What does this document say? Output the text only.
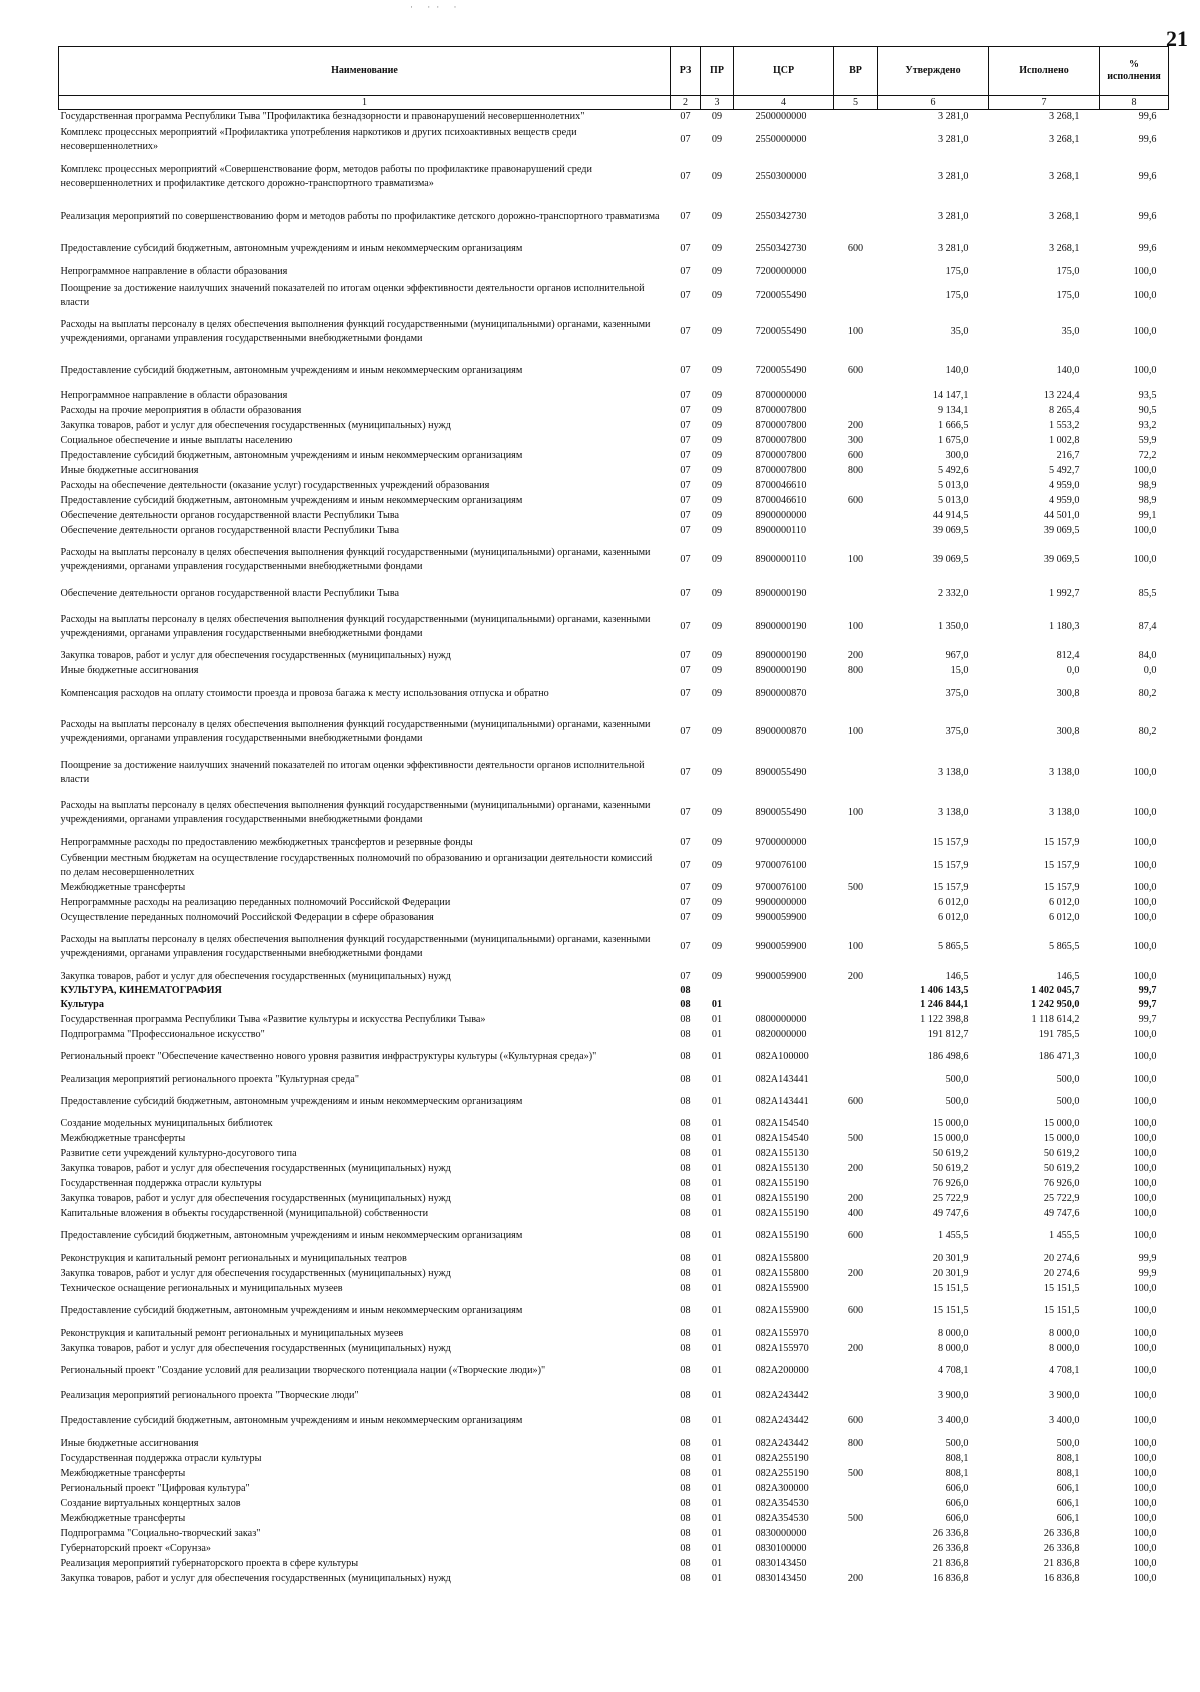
· ·· ·
21
Наименование	РЗ	ПР	ЦСР	ВР	Утверждено	Исполнено	%
исполнения
1	2	3	4	5	6	7	8
Государственная программа Республики Тыва "Профилактика безнадзорности и правонарушений несовершеннолетних"	07	09	2500000000		3 281,0	3 268,1	99,6
Комплекс процессных мероприятий «Профилактика употребления наркотиков и других психоактивных веществ среди несовершеннолетних»	07	09	2550000000		3 281,0	3 268,1	99,6
Комплекс процессных мероприятий «Совершенствование форм, методов работы по профилактике правонарушений среди несовершеннолетних и профилактике детского дорожно-транспортного травматизма»	07	09	2550300000		3 281,0	3 268,1	99,6
Реализация мероприятий по совершенствованию форм и методов работы по профилактике детского дорожно-транспортного травматизма	07	09	2550342730		3 281,0	3 268,1	99,6
Предоставление субсидий бюджетным, автономным учреждениям и иным некоммерческим организациям	07	09	2550342730	600	3 281,0	3 268,1	99,6
Непрограммное направление в области образования	07	09	7200000000		175,0	175,0	100,0
Поощрение за достижение наилучших значений показателей по итогам оценки эффективности деятельности органов исполнительной власти	07	09	7200055490		175,0	175,0	100,0
Расходы на выплаты персоналу в целях обеспечения выполнения функций государственными (муниципальными) органами, казенными учреждениями, органами управления государственными внебюджетными фондами	07	09	7200055490	100	35,0	35,0	100,0
Предоставление субсидий бюджетным, автономным учреждениям и иным некоммерческим организациям	07	09	7200055490	600	140,0	140,0	100,0
Непрограммное направление в области образования	07	09	8700000000		14 147,1	13 224,4	93,5
Расходы на прочие мероприятия в области образования	07	09	8700007800		9 134,1	8 265,4	90,5
Закупка товаров, работ и услуг для обеспечения государственных (муниципальных) нужд	07	09	8700007800	200	1 666,5	1 553,2	93,2
Социальное обеспечение и иные выплаты населению	07	09	8700007800	300	1 675,0	1 002,8	59,9
Предоставление субсидий бюджетным, автономным учреждениям и иным некоммерческим организациям	07	09	8700007800	600	300,0	216,7	72,2
Иные бюджетные ассигнования	07	09	8700007800	800	5 492,6	5 492,7	100,0
Расходы на обеспечение деятельности (оказание услуг) государственных учреждений образования	07	09	8700046610		5 013,0	4 959,0	98,9
Предоставление субсидий бюджетным, автономным учреждениям и иным некоммерческим организациям	07	09	8700046610	600	5 013,0	4 959,0	98,9
Обеспечение деятельности органов государственной власти Республики Тыва	07	09	8900000000		44 914,5	44 501,0	99,1
Обеспечение деятельности органов государственной власти Республики Тыва	07	09	8900000110		39 069,5	39 069,5	100,0
Расходы на выплаты персоналу в целях обеспечения выполнения функций государственными (муниципальными) органами, казенными учреждениями, органами управления государственными внебюджетными фондами	07	09	8900000110	100	39 069,5	39 069,5	100,0
Обеспечение деятельности органов государственной власти Республики Тыва	07	09	8900000190		2 332,0	1 992,7	85,5
Расходы на выплаты персоналу в целях обеспечения выполнения функций государственными (муниципальными) органами, казенными учреждениями, органами управления государственными внебюджетными фондами	07	09	8900000190	100	1 350,0	1 180,3	87,4
Закупка товаров, работ и услуг для обеспечения государственных (муниципальных) нужд	07	09	8900000190	200	967,0	812,4	84,0
Иные бюджетные ассигнования	07	09	8900000190	800	15,0	0,0	0,0
Компенсация расходов на оплату стоимости проезда и провоза багажа к месту использования отпуска и обратно	07	09	8900000870		375,0	300,8	80,2
Расходы на выплаты персоналу в целях обеспечения выполнения функций государственными (муниципальными) органами, казенными учреждениями, органами управления государственными внебюджетными фондами	07	09	8900000870	100	375,0	300,8	80,2
Поощрение за достижение наилучших значений показателей по итогам оценки эффективности деятельности органов исполнительной власти	07	09	8900055490		3 138,0	3 138,0	100,0
Расходы на выплаты персоналу в целях обеспечения выполнения функций государственными (муниципальными) органами, казенными учреждениями, органами управления государственными внебюджетными фондами	07	09	8900055490	100	3 138,0	3 138,0	100,0
Непрограммные расходы по предоставлению межбюджетных трансфертов и резервные фонды	07	09	9700000000		15 157,9	15 157,9	100,0
Субвенции местным бюджетам на осуществление государственных полномочий по образованию и организации деятельности комиссий по делам несовершеннолетних	07	09	9700076100		15 157,9	15 157,9	100,0
Межбюджетные трансферты	07	09	9700076100	500	15 157,9	15 157,9	100,0
Непрограммные расходы на реализацию переданных полномочий Российской Федерации	07	09	9900000000		6 012,0	6 012,0	100,0
Осуществление переданных полномочий Российской Федерации в сфере образования	07	09	9900059900		6 012,0	6 012,0	100,0
Расходы на выплаты персоналу в целях обеспечения выполнения функций государственными (муниципальными) органами, казенными учреждениями, органами управления государственными внебюджетными фондами	07	09	9900059900	100	5 865,5	5 865,5	100,0
Закупка товаров, работ и услуг для обеспечения государственных (муниципальных) нужд	07	09	9900059900	200	146,5	146,5	100,0
КУЛЬТУРА, КИНЕМАТОГРАФИЯ	08				1 406 143,5	1 402 045,7	99,7
Культура	08	01			1 246 844,1	1 242 950,0	99,7
Государственная программа Республики Тыва «Развитие культуры и искусства Республики Тыва»	08	01	0800000000		1 122 398,8	1 118 614,2	99,7
Подпрограмма "Профессиональное искусство"	08	01	0820000000		191 812,7	191 785,5	100,0
Региональный проект "Обеспечение качественно нового уровня развития инфраструктуры культуры («Культурная среда»)"	08	01	082A100000		186 498,6	186 471,3	100,0
Реализация мероприятий регионального проекта "Культурная среда"	08	01	082A143441		500,0	500,0	100,0
Предоставление субсидий бюджетным, автономным учреждениям и иным некоммерческим организациям	08	01	082A143441	600	500,0	500,0	100,0
Создание модельных муниципальных библиотек	08	01	082A154540		15 000,0	15 000,0	100,0
Межбюджетные трансферты	08	01	082A154540	500	15 000,0	15 000,0	100,0
Развитие сети учреждений культурно-досугового типа	08	01	082A155130		50 619,2	50 619,2	100,0
Закупка товаров, работ и услуг для обеспечения государственных (муниципальных) нужд	08	01	082A155130	200	50 619,2	50 619,2	100,0
Государственная поддержка отрасли культуры	08	01	082A155190		76 926,0	76 926,0	100,0
Закупка товаров, работ и услуг для обеспечения государственных (муниципальных) нужд	08	01	082A155190	200	25 722,9	25 722,9	100,0
Капитальные вложения в объекты государственной (муниципальной) собственности	08	01	082A155190	400	49 747,6	49 747,6	100,0
Предоставление субсидий бюджетным, автономным учреждениям и иным некоммерческим организациям	08	01	082A155190	600	1 455,5	1 455,5	100,0
Реконструкция и капитальный ремонт региональных и муниципальных театров	08	01	082A155800		20 301,9	20 274,6	99,9
Закупка товаров, работ и услуг для обеспечения государственных (муниципальных) нужд	08	01	082A155800	200	20 301,9	20 274,6	99,9
Техническое оснащение региональных и муниципальных музеев	08	01	082A155900		15 151,5	15 151,5	100,0
Предоставление субсидий бюджетным, автономным учреждениям и иным некоммерческим организациям	08	01	082A155900	600	15 151,5	15 151,5	100,0
Реконструкция и капитальный ремонт региональных и муниципальных музеев	08	01	082A155970		8 000,0	8 000,0	100,0
Закупка товаров, работ и услуг для обеспечения государственных (муниципальных) нужд	08	01	082A155970	200	8 000,0	8 000,0	100,0
Региональный проект "Создание условий для реализации творческого потенциала нации («Творческие люди»)"	08	01	082A200000		4 708,1	4 708,1	100,0
Реализация мероприятий регионального проекта "Творческие люди"	08	01	082A243442		3 900,0	3 900,0	100,0
Предоставление субсидий бюджетным, автономным учреждениям и иным некоммерческим организациям	08	01	082A243442	600	3 400,0	3 400,0	100,0
Иные бюджетные ассигнования	08	01	082A243442	800	500,0	500,0	100,0
Государственная поддержка отрасли культуры	08	01	082A255190		808,1	808,1	100,0
Межбюджетные трансферты	08	01	082A255190	500	808,1	808,1	100,0
Региональный проект "Цифровая культура"	08	01	082A300000		606,0	606,1	100,0
Создание виртуальных концертных залов	08	01	082A354530		606,0	606,1	100,0
Межбюджетные трансферты	08	01	082A354530	500	606,0	606,1	100,0
Подпрограмма "Социально-творческий заказ"	08	01	0830000000		26 336,8	26 336,8	100,0
Губернаторский проект «Сорунза»	08	01	0830100000		26 336,8	26 336,8	100,0
Реализация мероприятий губернаторского проекта в сфере культуры	08	01	0830143450		21 836,8	21 836,8	100,0
Закупка товаров, работ и услуг для обеспечения государственных (муниципальных) нужд	08	01	0830143450	200	16 836,8	16 836,8	100,0
